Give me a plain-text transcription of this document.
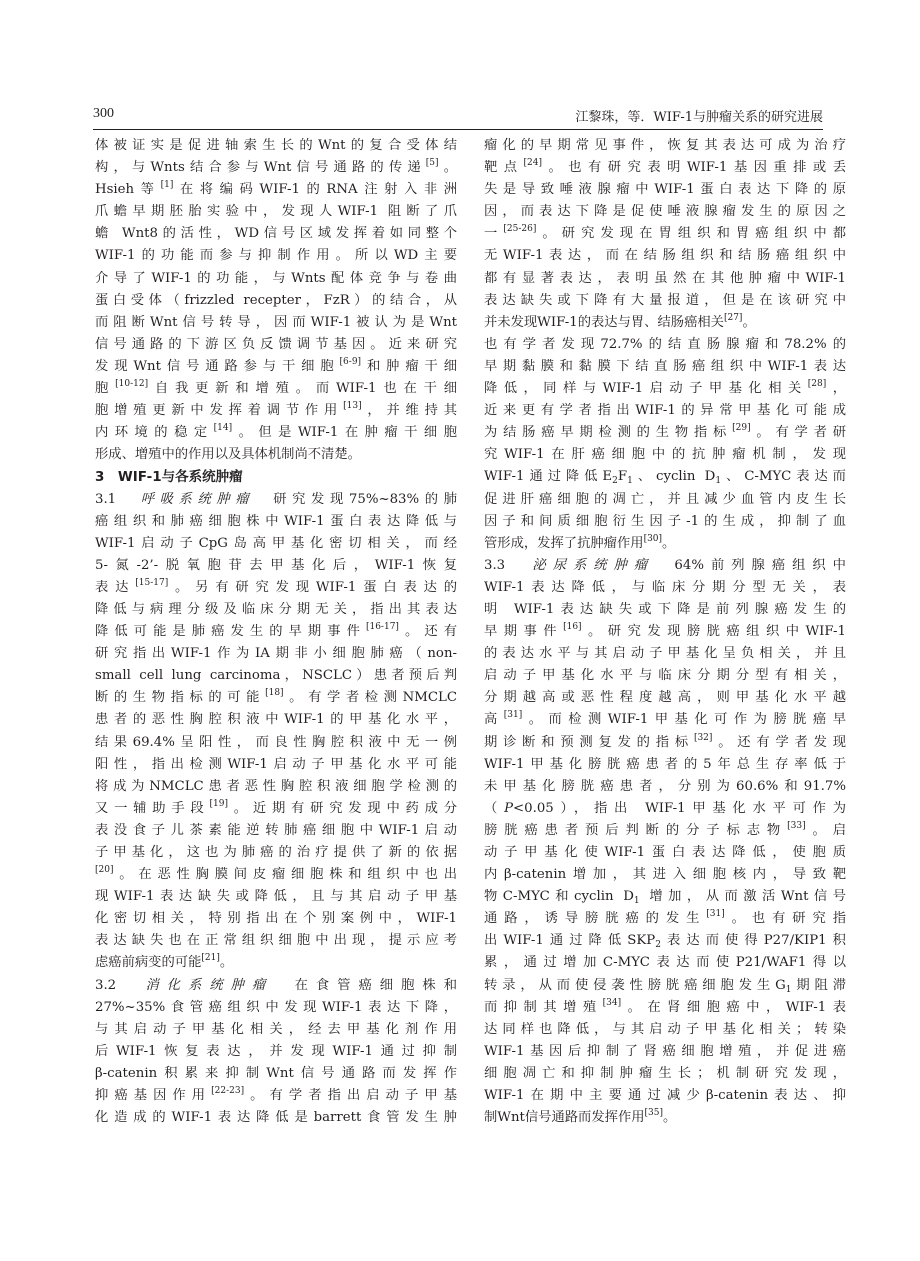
300	江黎珠，等．WIF-1与肿瘤关系的研究进展
体被证实是促进轴索生长的Wnt的复合受体结
构，与Wnts结合参与Wnt信号通路的传递[5]。
Hsieh等[1]在将编码WIF-1的RNA注射入非洲
爪蟾早期胚胎实验中，发现人WIF-1 阻断了爪
蟾 Wnt8的活性，WD信号区域发挥着如同整个
WIF-1的功能而参与抑制作用。所以WD主要
介导了WIF-1的功能，与Wnts配体竞争与卷曲
蛋白受体（frizzled recepter，FzR）的结合，从
而阻断Wnt信号转导，因而WIF-1被认为是Wnt
信号通路的下游区负反馈调节基因。近来研究
发现Wnt信号通路参与干细胞[6-9]和肿瘤干细
胞[10-12]自我更新和增殖。而WIF-1也在干细
胞增殖更新中发挥着调节作用[13]，并维持其
内环境的稳定[14]。但是WIF-1在肿瘤干细胞
形成、增殖中的作用以及具体机制尚不清楚。
3　WIF-1与各系统肿瘤
3.1　呼吸系统肿瘤　研究发现75%~83%的肺
癌组织和肺癌细胞株中WIF-1蛋白表达降低与
WIF-1启动子CpG岛高甲基化密切相关，而经
5-氮-2’-脱氧胞苷去甲基化后，WIF-1恢复
表达[15-17]。另有研究发现WIF-1蛋白表达的
降低与病理分级及临床分期无关，指出其表达
降低可能是肺癌发生的早期事件[16-17]。还有
研究指出WIF-1作为IA期非小细胞肺癌（non-
small cell lung carcinoma，NSCLC）患者预后判
断的生物指标的可能[18]。有学者检测NMCLC
患者的恶性胸腔积液中WIF-1的甲基化水平，
结果69.4%呈阳性，而良性胸腔积液中无一例
阳性，指出检测WIF-1启动子甲基化水平可能
将成为NMCLC患者恶性胸腔积液细胞学检测的
又一辅助手段[19]。近期有研究发现中药成分
表没食子儿茶素能逆转肺癌细胞中WIF-1启动
子甲基化，这也为肺癌的治疗提供了新的依据
[20]。在恶性胸膜间皮瘤细胞株和组织中也出
现WIF-1表达缺失或降低，且与其启动子甲基
化密切相关，特别指出在个别案例中，WIF-1
表达缺失也在正常组织细胞中出现，提示应考
虑癌前病变的可能[21]。
3.2　消化系统肿瘤　在食管癌细胞株和
27%~35%食管癌组织中发现WIF-1表达下降，
与其启动子甲基化相关，经去甲基化剂作用
后WIF-1恢复表达，并发现WIF-1通过抑制
β-catenin积累来抑制Wnt信号通路而发挥作
抑癌基因作用[22-23]。有学者指出启动子甲基
化造成的WIF-1表达降低是barrett食管发生肿
瘤化的早期常见事件，恢复其表达可成为治疗
靶点[24]。也有研究表明WIF-1基因重排或丢
失是导致唾液腺瘤中WIF-1蛋白表达下降的原
因，而表达下降是促使唾液腺瘤发生的原因之
一[25-26]。研究发现在胃组织和胃癌组织中都
无WIF-1表达，而在结肠组织和结肠癌组织中
都有显著表达，表明虽然在其他肿瘤中WIF-1
表达缺失或下降有大量报道，但是在该研究中
并未发现WIF-1的表达与胃、结肠癌相关[27]。
也有学者发现72.7%的结直肠腺瘤和78.2%的
早期黏膜和黏膜下结直肠癌组织中WIF-1表达
降低，同样与WIF-1启动子甲基化相关[28]，
近来更有学者指出WIF-1的异常甲基化可能成
为结肠癌早期检测的生物指标[29]。有学者研
究WIF-1在肝癌细胞中的抗肿瘤机制，发现
WIF-1通过降低$E_2F_1$、cyclin $D_1$、C-MYC表达而
促进肝癌细胞的凋亡，并且减少血管内皮生长
因子和间质细胞衍生因子-1的生成，抑制了血
管形成，发挥了抗肿瘤作用[30]。
3.3　泌尿系统肿瘤　64%前列腺癌组织中
WIF-1表达降低，与临床分期分型无关，表
明 WIF-1表达缺失或下降是前列腺癌发生的
早期事件[16]。研究发现膀胱癌组织中WIF-1
的表达水平与其启动子甲基化呈负相关，并且
启动子甲基化水平与临床分期分型有相关，
分期越高或恶性程度越高，则甲基化水平越
高[31]。而检测WIF-1甲基化可作为膀胱癌早
期诊断和预测复发的指标[32]。还有学者发现
WIF-1甲基化膀胱癌患者的5年总生存率低于
未甲基化膀胱癌患者，分别为60.6%和91.7%
（P<0.05），指出 WIF-1甲基化水平可作为
膀胱癌患者预后判断的分子标志物[33]。启
动子甲基化使WIF-1蛋白表达降低，使胞质
内β-catenin增加，其进入细胞核内，导致靶
物C-MYC和cyclin $D_1$ 增加，从而激活Wnt信号
通路，诱导膀胱癌的发生[31]。也有研究指
出WIF-1通过降低$SKP_2$表达而使得P27/KIP1积
累，通过增加C-MYC表达而使P21/WAF1得以
转录，从而使侵袭性膀胱癌细胞发生$G_1$期阻滞
而抑制其增殖[34]。在肾细胞癌中，WIF-1表
达同样也降低，与其启动子甲基化相关；转染
WIF-1基因后抑制了肾癌细胞增殖，并促进癌
细胞凋亡和抑制肿瘤生长；机制研究发现，
WIF-1在期中主要通过减少β-catenin表达、抑
制Wnt信号通路而发挥作用[35]。
